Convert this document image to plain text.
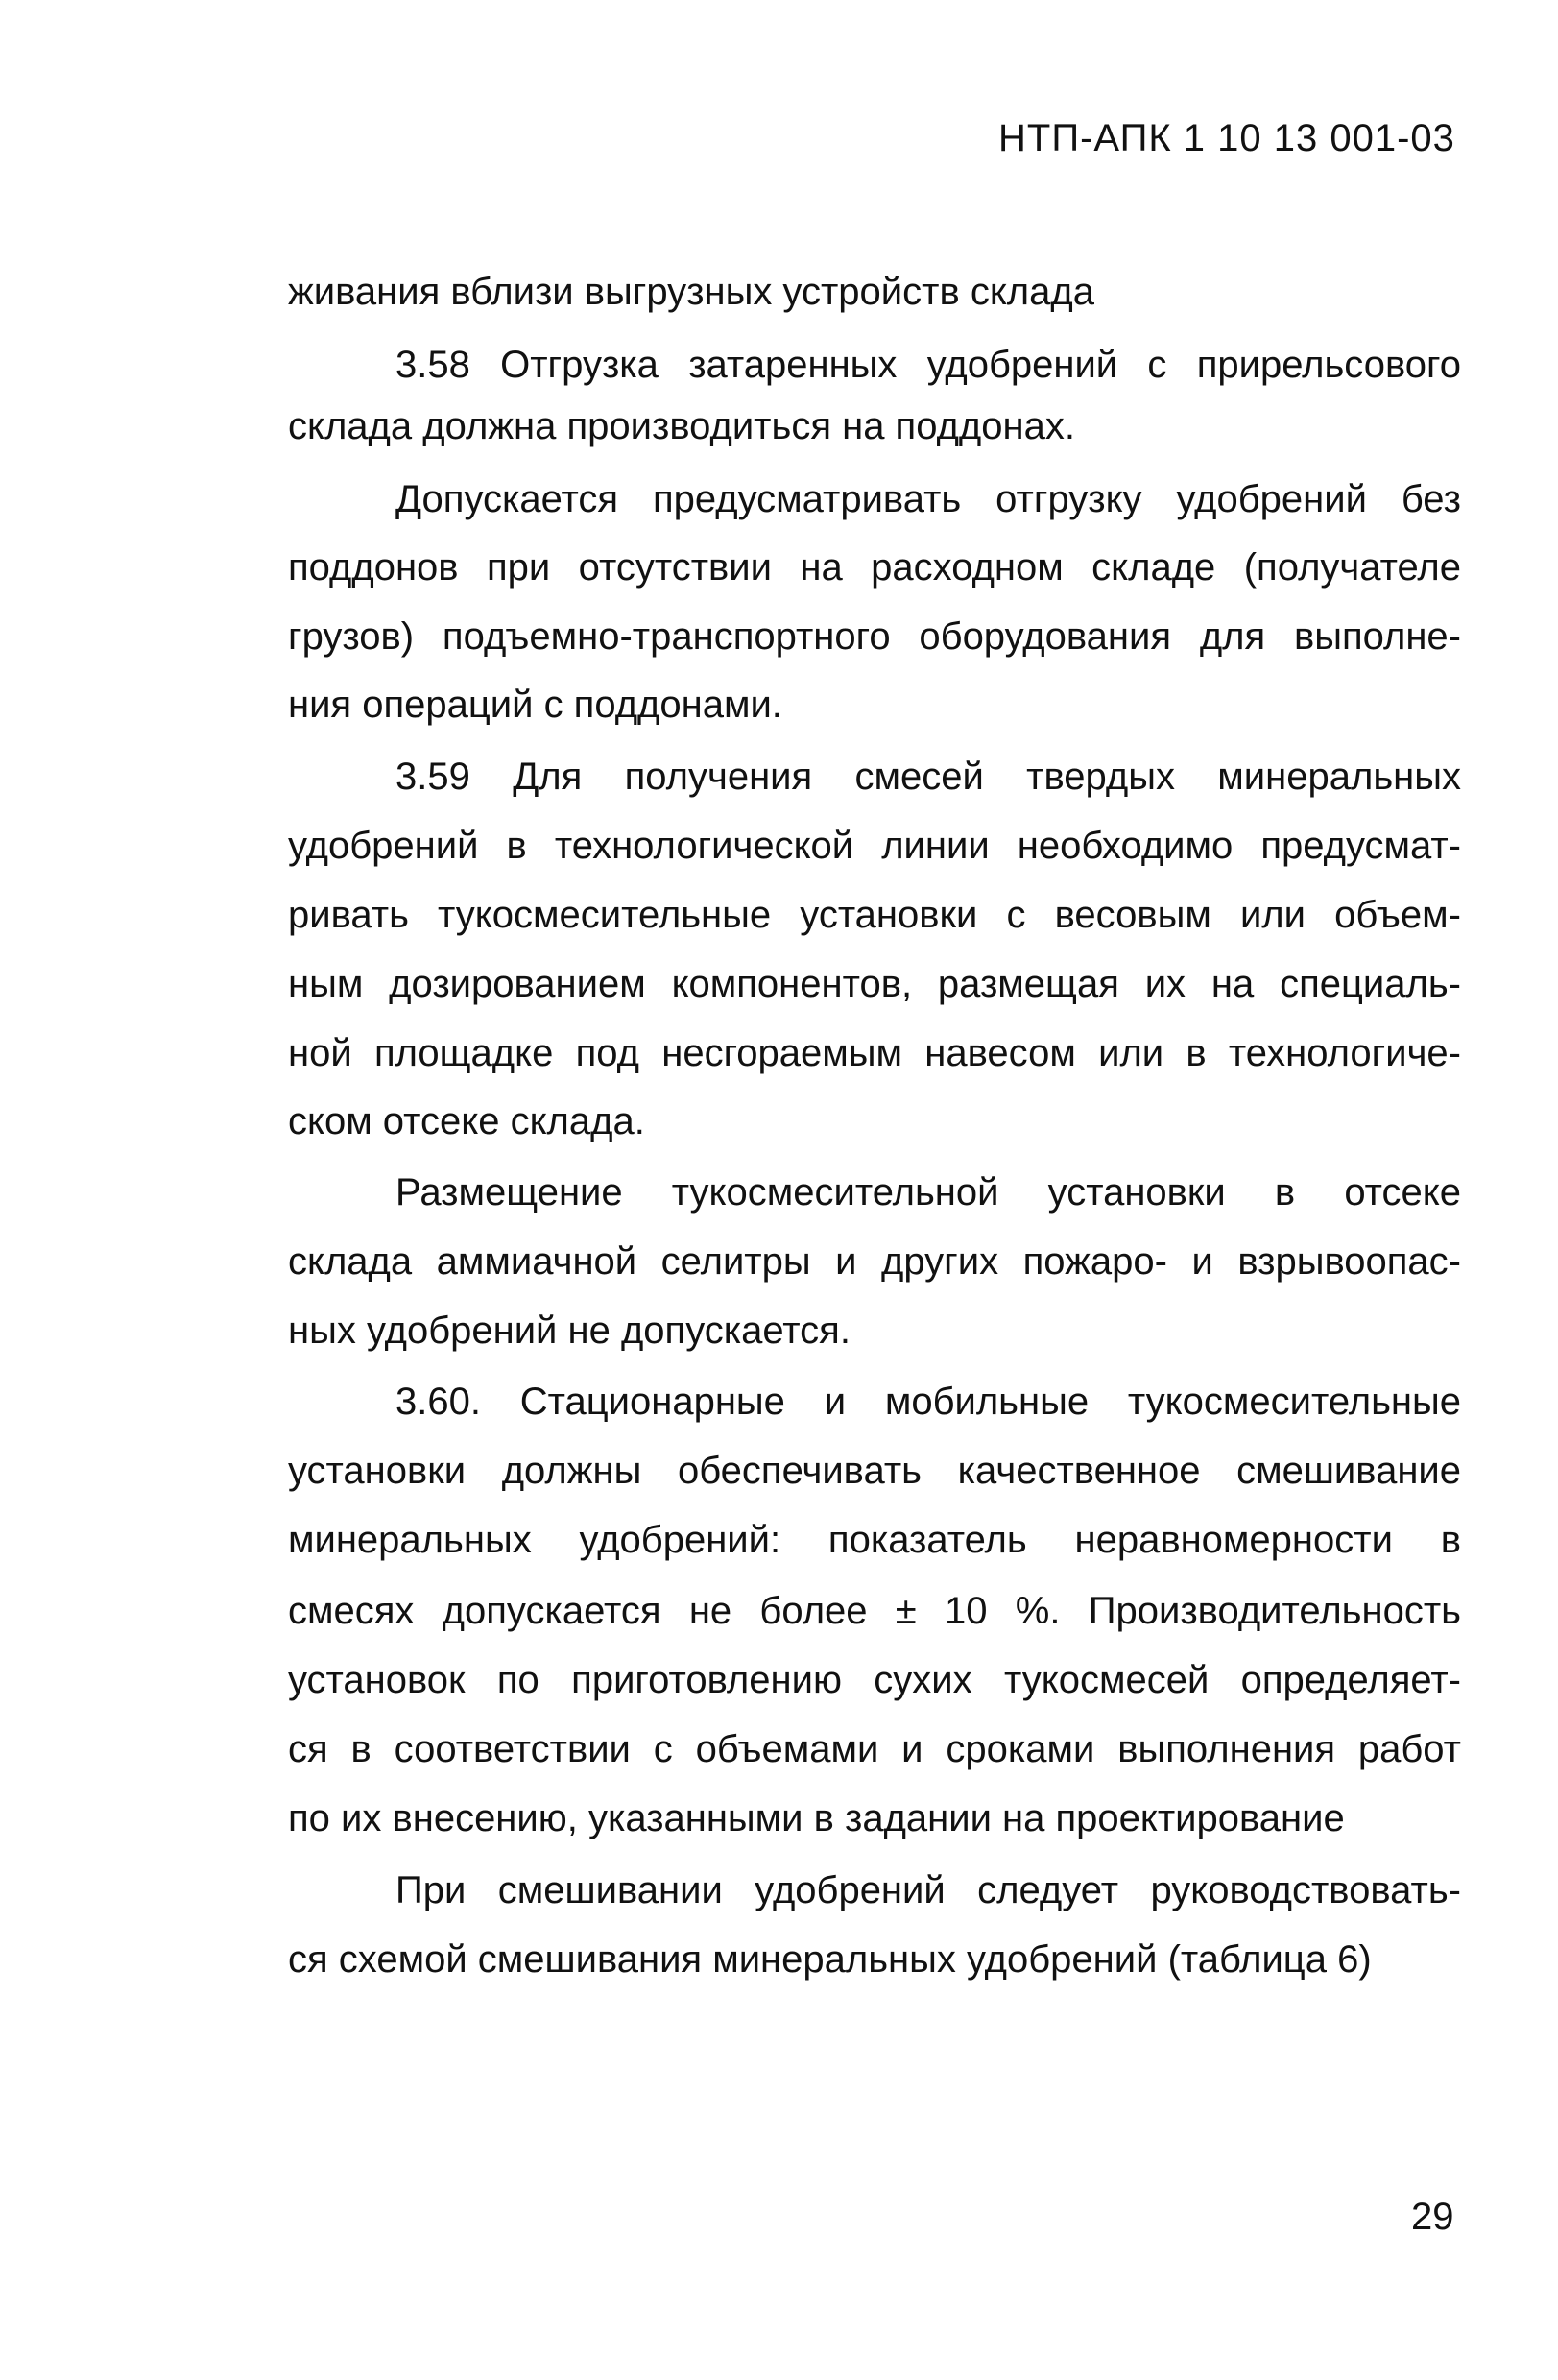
НТП-АПК 1 10 13 001-03
живания вблизи выгрузных устройств склада
3.58 Отгрузка затаренных удобрений с прирельсового
склада должна производиться на поддонах.
Допускается предусматривать отгрузку удобрений без
поддонов при отсутствии на расходном складе (получателе
грузов) подъемно-транспортного оборудования для выполне-
ния операций с поддонами.
3.59 Для получения смесей твердых минеральных
удобрений в технологической линии необходимо предусмат-
ривать тукосмесительные установки с весовым или объем-
ным дозированием компонентов, размещая их на специаль-
ной площадке под несгораемым навесом или в технологиче-
ском отсеке склада.
Размещение тукосмесительной установки в отсеке
склада аммиачной селитры и других пожаро- и взрывоопас-
ных удобрений не допускается.
3.60. Стационарные и мобильные тукосмесительные
установки должны обеспечивать качественное смешивание
минеральных удобрений: показатель неравномерности в
смесях допускается не более ± 10 %. Производительность
установок по приготовлению сухих тукосмесей определяет-
ся в соответствии с объемами и сроками выполнения работ
по их внесению, указанными в задании на проектирование
При смешивании удобрений следует руководствовать-
ся схемой смешивания минеральных удобрений (таблица 6)
29
